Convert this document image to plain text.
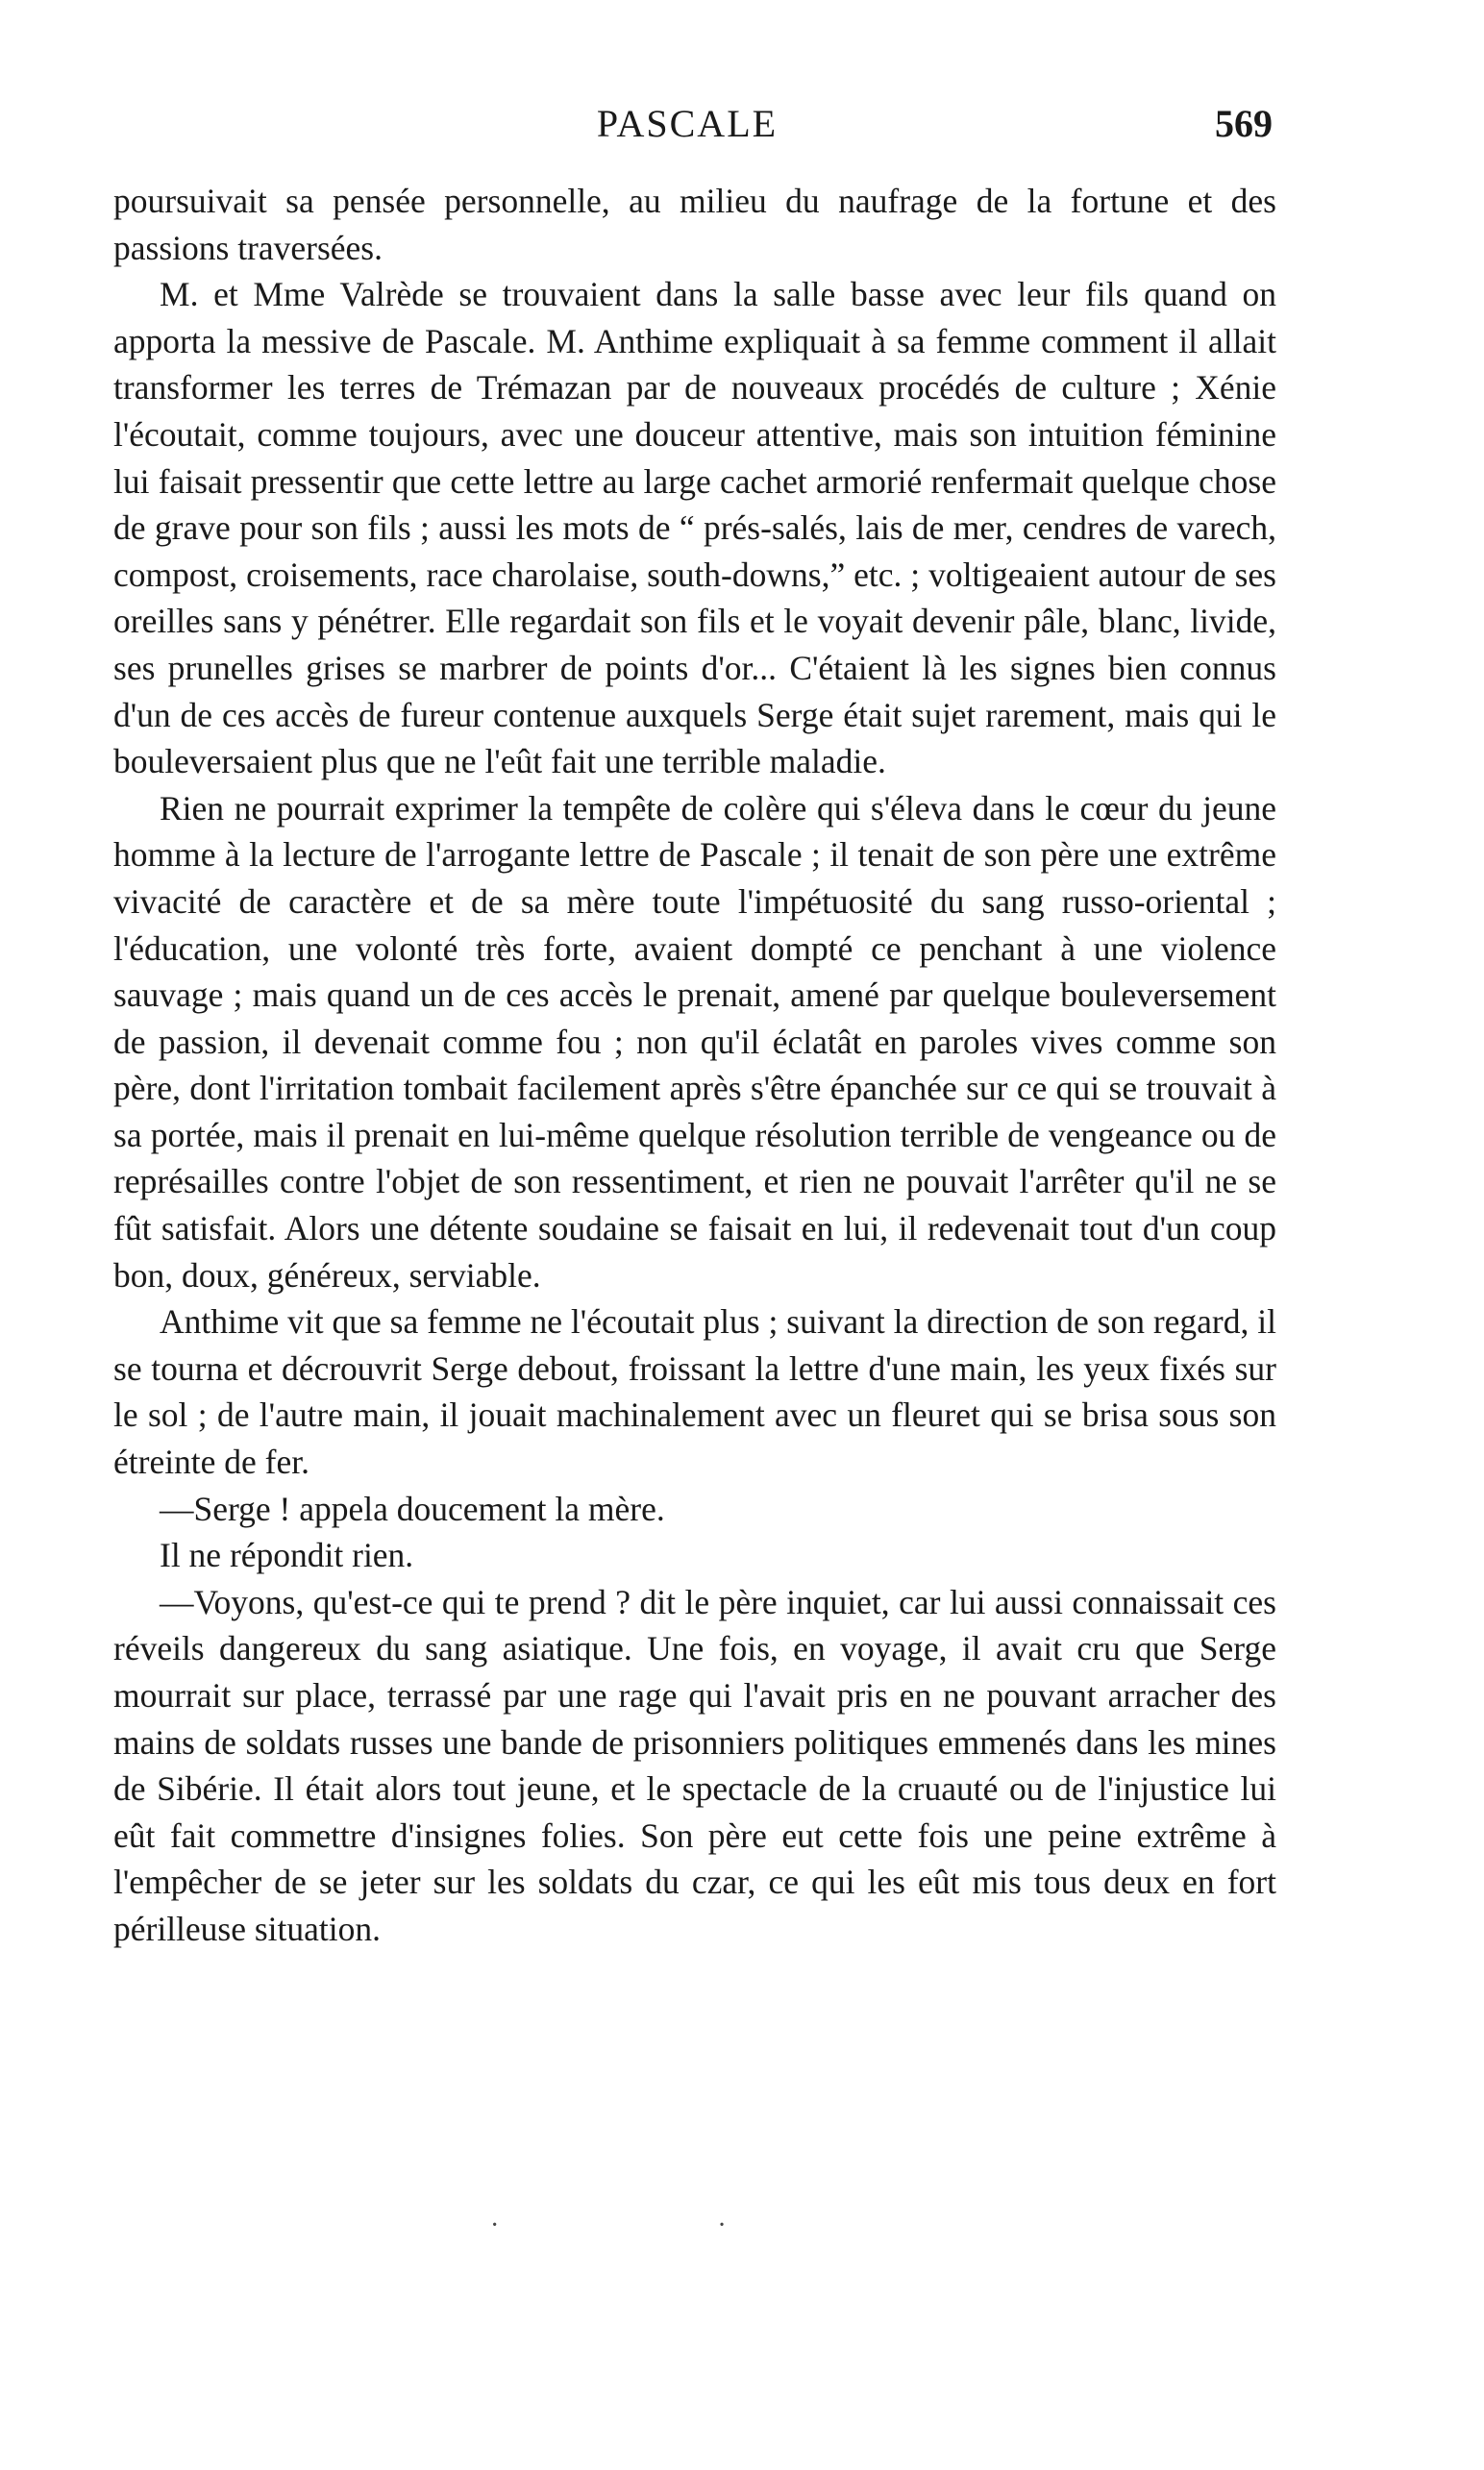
PASCALE	569

poursuivait sa pensée personnelle, au milieu du naufrage de la fortune et des passions traversées.

M. et Mme Valrède se trouvaient dans la salle basse avec leur fils quand on apporta la messive de Pascale. M. Anthime expliquait à sa femme comment il allait transformer les terres de Trémazan par de nouveaux procédés de culture ; Xénie l'écoutait, comme toujours, avec une douceur attentive, mais son intuition féminine lui faisait pressentir que cette lettre au large cachet armorié renfermait quelque chose de grave pour son fils ; aussi les mots de “ prés-salés, lais de mer, cendres de varech, compost, croisements, race charolaise, south-downs,” etc. ; voltigeaient autour de ses oreilles sans y pénétrer. Elle regardait son fils et le voyait devenir pâle, blanc, livide, ses prunelles grises se marbrer de points d'or... C'étaient là les signes bien connus d'un de ces accès de fureur contenue auxquels Serge était sujet rarement, mais qui le bouleversaient plus que ne l'eût fait une terrible maladie.

Rien ne pourrait exprimer la tempête de colère qui s'éleva dans le cœur du jeune homme à la lecture de l'arrogante lettre de Pascale ; il tenait de son père une extrême vivacité de caractère et de sa mère toute l'impétuosité du sang russo-oriental ; l'éducation, une volonté très forte, avaient dompté ce penchant à une violence sauvage ; mais quand un de ces accès le prenait, amené par quelque bouleversement de passion, il devenait comme fou ; non qu'il éclatât en paroles vives comme son père, dont l'irritation tombait facilement après s'être épanchée sur ce qui se trouvait à sa portée, mais il prenait en lui-même quelque résolution terrible de vengeance ou de représailles contre l'objet de son ressentiment, et rien ne pouvait l'arrêter qu'il ne se fût satisfait. Alors une détente soudaine se faisait en lui, il redevenait tout d'un coup bon, doux, généreux, serviable.

Anthime vit que sa femme ne l'écoutait plus ; suivant la direction de son regard, il se tourna et décrouvrit Serge debout, froissant la lettre d'une main, les yeux fixés sur le sol ; de l'autre main, il jouait machinalement avec un fleuret qui se brisa sous son étreinte de fer.

—Serge ! appela doucement la mère.

Il ne répondit rien.

—Voyons, qu'est-ce qui te prend ? dit le père inquiet, car lui aussi connaissait ces réveils dangereux du sang asiatique. Une fois, en voyage, il avait cru que Serge mourrait sur place, terrassé par une rage qui l'avait pris en ne pouvant arracher des mains de soldats russes une bande de prisonniers politiques emmenés dans les mines de Sibérie. Il était alors tout jeune, et le spectacle de la cruauté ou de l'injustice lui eût fait commettre d'insignes folies. Son père eut cette fois une peine extrême à l'empêcher de se jeter sur les soldats du czar, ce qui les eût mis tous deux en fort périlleuse situation.

· ·
